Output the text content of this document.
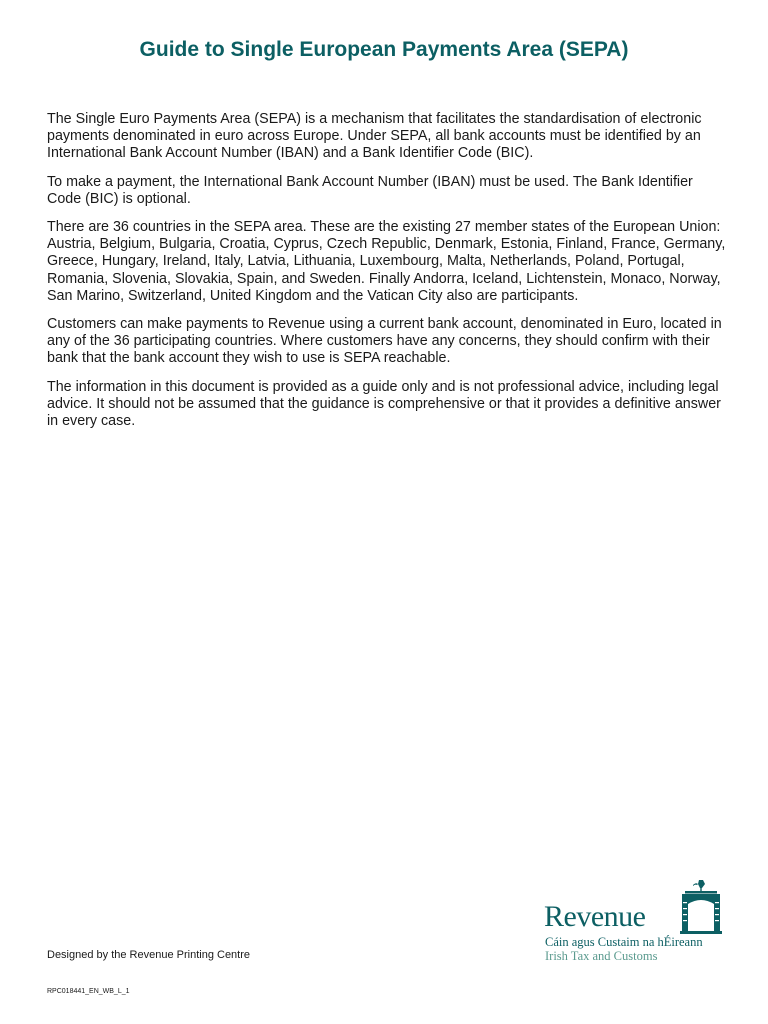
Guide to Single European Payments Area (SEPA)

The Single Euro Payments Area (SEPA) is a mechanism that facilitates the standardisation of electronic payments denominated in euro across Europe. Under SEPA, all bank accounts must be identified by an International Bank Account Number (IBAN) and a Bank Identifier Code (BIC).

To make a payment, the International Bank Account Number (IBAN) must be used. The Bank Identifier Code (BIC) is optional.

There are 36 countries in the SEPA area. These are the existing 27 member states of the European Union: Austria, Belgium, Bulgaria, Croatia, Cyprus, Czech Republic, Denmark, Estonia, Finland, France, Germany, Greece, Hungary, Ireland, Italy, Latvia, Lithuania, Luxembourg, Malta, Netherlands, Poland, Portugal, Romania, Slovenia, Slovakia, Spain, and Sweden. Finally Andorra, Iceland, Lichtenstein, Monaco, Norway, San Marino, Switzerland, United Kingdom and the Vatican City also are participants.

Customers can make payments to Revenue using a current bank account, denominated in Euro, located in any of the 36 participating countries. Where customers have any concerns, they should confirm with their bank that the bank account they wish to use is SEPA reachable.

The information in this document is provided as a guide only and is not professional advice, including legal advice. It should not be assumed that the guidance is comprehensive or that it provides a definitive answer in every case.

Designed by the Revenue Printing Centre
RPC018441_EN_WB_L_1
Revenue
Cáin agus Custaim na hÉireann
Irish Tax and Customs
